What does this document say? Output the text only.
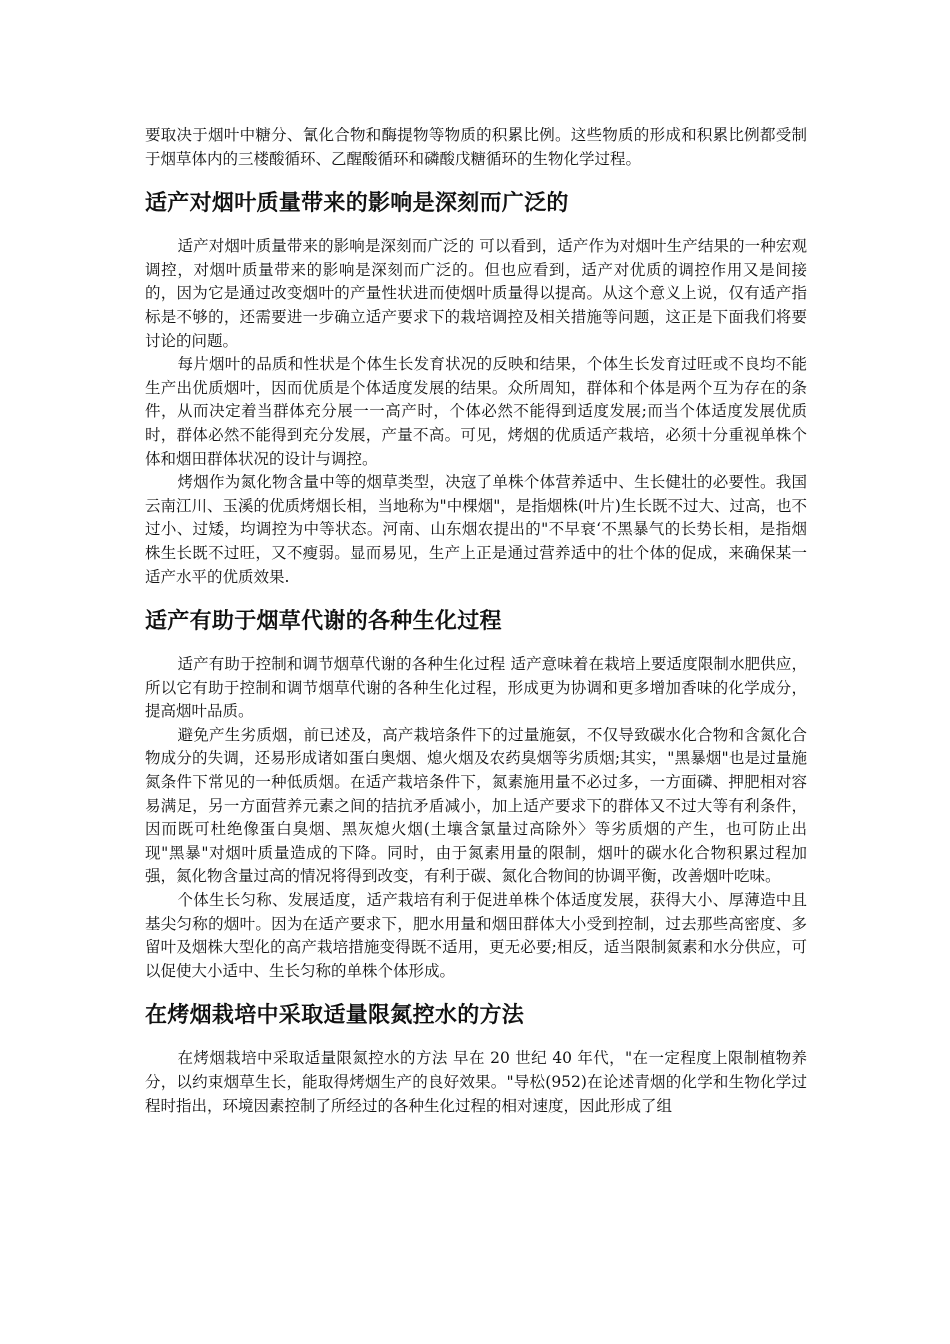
要取决于烟叶中糖分、氰化合物和酶提物等物质的积累比例。这些物质的形成和积累比例都受制于烟草体内的三楼酸循环、乙醒酸循环和磷酸戊糖循环的生物化学过程。

适产对烟叶质量带来的影响是深刻而广泛的

适产对烟叶质量带来的影响是深刻而广泛的 可以看到，适产作为对烟叶生产结果的一种宏观调控，对烟叶质量带来的影响是深刻而广泛的。但也应看到，适产对优质的调控作用又是间接的，因为它是通过改变烟叶的产量性状进而使烟叶质量得以提高。从这个意义上说，仅有适产指标是不够的，还需要进一步确立适产要求下的栽培调控及相关措施等问题，这正是下面我们将要讨论的问题。

每片烟叶的品质和性状是个体生长发育状况的反映和结果，个体生长发育过旺或不良均不能生产出优质烟叶，因而优质是个体适度发展的结果。众所周知，群体和个体是两个互为存在的条件，从而决定着当群体充分展一一高产时，个体必然不能得到适度发展;而当个体适度发展优质时，群体必然不能得到充分发展，产量不高。可见，烤烟的优质适产栽培，必须十分重视单株个体和烟田群体状况的设计与调控。

烤烟作为氮化物含量中等的烟草类型，决寇了单株个体营养适中、生长健壮的必要性。我国云南江川、玉溪的优质烤烟长相，当地称为"中棵烟"，是指烟株(叶片)生长既不过大、过高，也不过小、过矮，均调控为中等状态。河南、山东烟农提出的"不早衰‘不黑暴气的长势长相，是指烟株生长既不过旺，又不瘦弱。显而易见，生产上正是通过营养适中的壮个体的促成，来确保某一适产水平的优质效果.

适产有助于烟草代谢的各种生化过程

适产有助于控制和调节烟草代谢的各种生化过程 适产意味着在栽培上要适度限制水肥供应，所以它有助于控制和调节烟草代谢的各种生化过程，形成更为协调和更多增加香味的化学成分，提高烟叶品质。

避免产生劣质烟，前已述及，高产栽培条件下的过量施氨，不仅导致碳水化合物和含氮化合物成分的失调，还易形成诸如蛋白奥烟、熄火烟及农药臭烟等劣质烟;其实，"黑暴烟"也是过量施氮条件下常见的一种低质烟。在适产栽培条件下，氮素施用量不必过多，一方面磷、押肥相对容易满足，另一方面营养元素之间的拮抗矛盾减小，加上适产要求下的群体又不过大等有利条件，因而既可杜绝像蛋白臭烟、黑灰熄火烟(土壤含氯量过高除外〉等劣质烟的产生，也可防止出现"黑暴"对烟叶质量造成的下降。同时，由于氮素用量的限制，烟叶的碳水化合物积累过程加强，氮化物含量过高的情况将得到改变，有利于碳、氮化合物间的协调平衡，改善烟叶吃味。

个体生长匀称、发展适度，适产栽培有利于促进单株个体适度发展，获得大小、厚薄造中且基尖匀称的烟叶。因为在适产要求下，肥水用量和烟田群体大小受到控制，过去那些高密度、多留叶及烟株大型化的高产栽培措施变得既不适用，更无必要;相反，适当限制氮素和水分供应，可以促使大小适中、生长匀称的单株个体形成。

在烤烟栽培中采取适量限氮控水的方法

在烤烟栽培中采取适量限氮控水的方法 早在 20 世纪 40 年代，"在一定程度上限制植物养分，以约束烟草生长，能取得烤烟生产的良好效果。"导松(952)在论述青烟的化学和生物化学过程时指出，环境因素控制了所经过的各种生化过程的相对速度，因此形成了组
